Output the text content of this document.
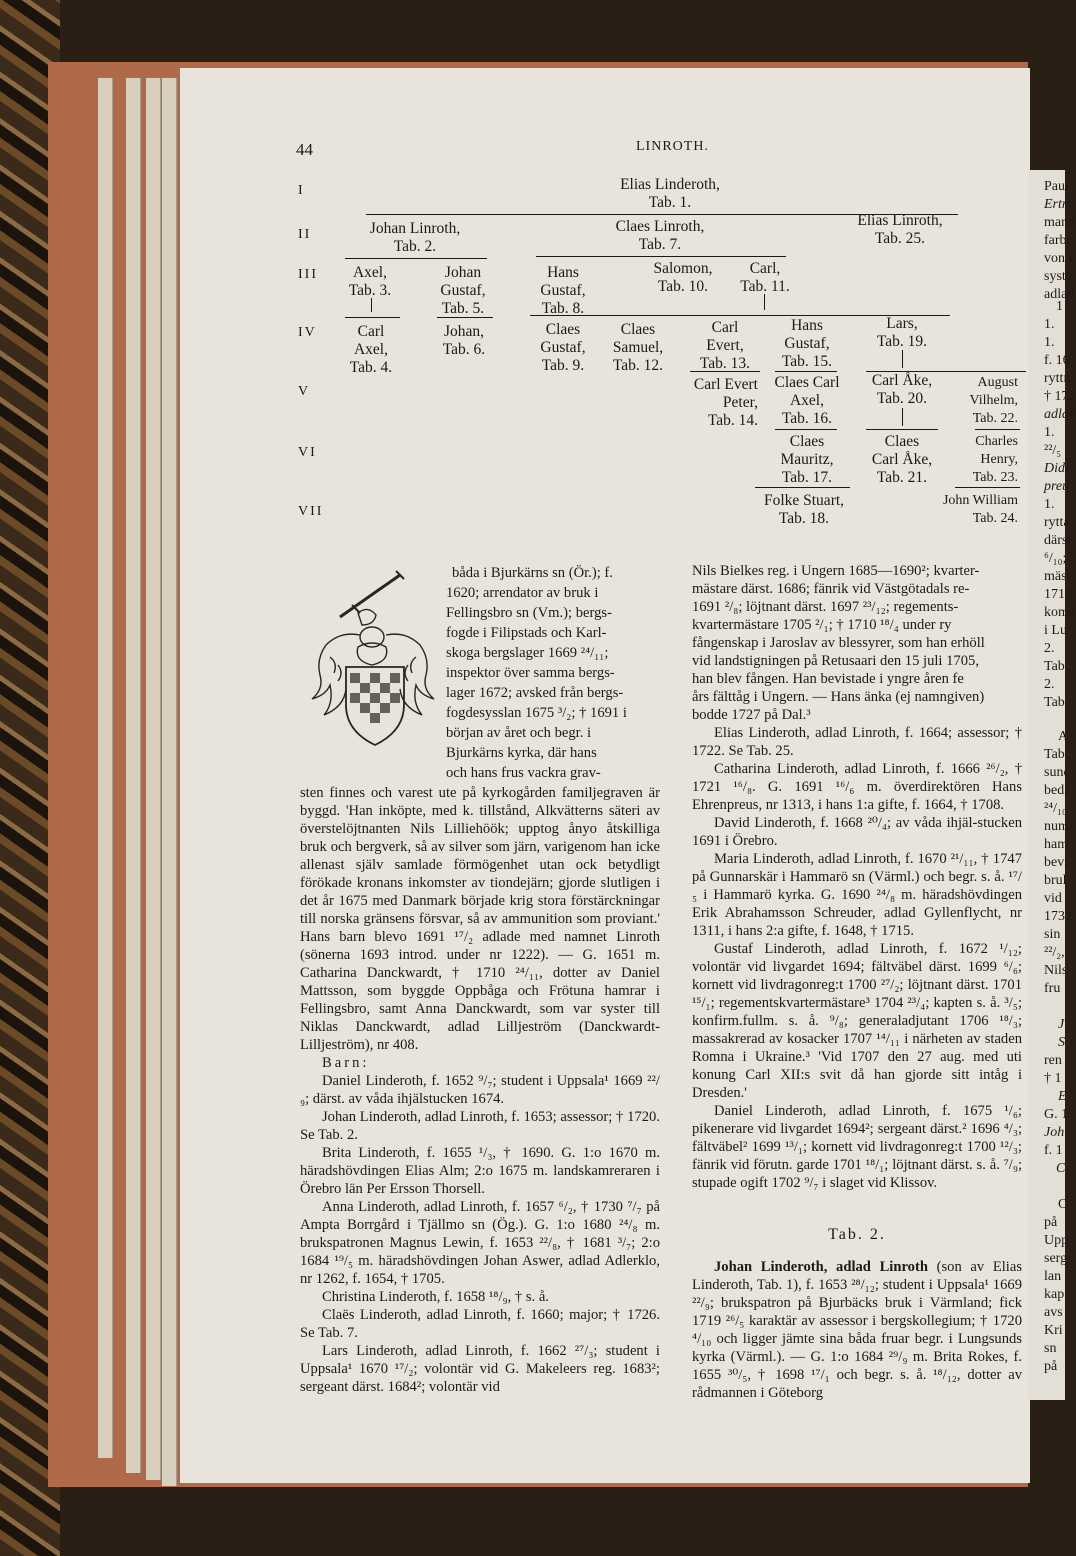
44	LINROTH.
I
II
III
IV
V
VI
VII
Elias Linderoth,
Tab. 1.
Johan Linroth,
Tab. 2.
Claes Linroth,
Tab. 7.
Elias Linroth,
Tab. 25.
Axel,
Tab. 3.
Johan
Gustaf,
Tab. 5.
Hans
Gustaf,
Tab. 8.
Salomon,
Tab. 10.
Carl,
Tab. 11.
Carl
Axel,
Tab. 4.
Johan,
Tab. 6.
Claes
Gustaf,
Tab. 9.
Claes
Samuel,
Tab. 12.
Carl
Evert,
Tab. 13.
Hans
Gustaf,
Tab. 15.
Lars,
Tab. 19.
Carl Evert
Peter,
Tab. 14.
Claes Carl
Axel,
Tab. 16.
Carl Åke,
Tab. 20.
August
Vilhelm,
Tab. 22.
Claes
Mauritz,
Tab. 17.
Claes
Carl Åke,
Tab. 21.
Charles
Henry,
Tab. 23.
Folke Stuart,
Tab. 18.
John William
Tab. 24.
båda i Bjurkärns sn (Ör.); f.
1620; arrendator av bruk i
Fellingsbro sn (Vm.); bergs-
fogde i Filipstads och Karl-
skoga bergslager 1669 ²⁴/₁₁;
inspektor över samma bergs-
lager 1672; avsked från bergs-
fogdesysslan 1675 ³/₂; † 1691 i
början av året och begr. i
Bjurkärns kyrka, där hans
och hans frus vackra grav-

sten finnes och varest ute på kyrkogården familjegraven är byggd. 'Han inköpte, med k. tillstånd, Alkvätterns säteri av överstelöjtnanten Nils Lilliehöök; upptog ånyo åtskilliga bruk och bergverk, så av silver som järn, varigenom han icke allenast själv samlade förmögenhet utan ock betydligt förökade kronans inkomster av tiondejärn; gjorde slutligen i det år 1675 med Danmark började krig stora förstärckningar till norska gränsens försvar, så av ammunition som proviant.' Hans barn blevo 1691 ¹⁷/₂ adlade med namnet Linroth (sönerna 1693 introd. under nr 1222). — G. 1651 m. Catharina Danckwardt, † 1710 ²⁴/₁₁, dotter av Daniel Mattsson, som byggde Oppbåga och Frötuna hamrar i Fellingsbro, samt Anna Danckwardt, som var syster till Niklas Danckwardt, adlad Lilljeström (Danckwardt-Lilljeström), nr 408.

Barn:

Daniel Linderoth, f. 1652 ⁹/₇; student i Uppsala¹ 1669 ²²/₉; därst. av våda ihjälstucken 1674.

Johan Linderoth, adlad Linroth, f. 1653; assessor; † 1720. Se Tab. 2.

Brita Linderoth, f. 1655 ¹/₃, † 1690. G. 1:o 1670 m. häradshövdingen Elias Alm; 2:o 1675 m. landskamreraren i Örebro län Per Ersson Thorsell.

Anna Linderoth, adlad Linroth, f. 1657 ⁶/₂, † 1730 ⁷/₇ på Ampta Borrgård i Tjällmo sn (Ög.). G. 1:o 1680 ²⁴/₈ m. brukspatronen Magnus Lewin, f. 1653 ²²/₈, † 1681 ³/₇; 2:o 1684 ¹⁹/₅ m. häradshövdingen Johan Aswer, adlad Adlerklo, nr 1262, f. 1654, † 1705.

Christina Linderoth, f. 1658 ¹⁸/₉, † s. å.

Claës Linderoth, adlad Linroth, f. 1660; major; † 1726. Se Tab. 7.

Lars Linderoth, adlad Linroth, f. 1662 ²⁷/₃; student i Uppsala¹ 1670 ¹⁷/₂; volontär vid G. Makeleers reg. 1683²; sergeant därst. 1684²; volontär vid

Nils Bielkes reg. i Ungern 1685—1690²; kvarter-

mästare därst. 1686; fänrik vid Västgötadals re-

1691 ²/₈; löjtnant därst. 1697 ²³/₁₂; regements-

kvartermästare 1705 ²/₁; † 1710 ¹⁸/₄ under ry

fångenskap i Jaroslav av blessyrer, som han erhöll

vid landstigningen på Retusaari den 15 juli 1705,

han blev fången. Han bevistade i yngre åren fe

års fälttåg i Ungern. — Hans änka (ej namngiven)

bodde 1727 på Dal.³

Elias Linderoth, adlad Linroth, f. 1664; assessor; † 1722. Se Tab. 25.

Catharina Linderoth, adlad Linroth, f. 1666 ²⁶/₂, † 1721 ¹⁶/₈. G. 1691 ¹⁶/₆ m. överdirektören Hans Ehrenpreus, nr 1313, i hans 1:a gifte, f. 1664, † 1708.

David Linderoth, f. 1668 ²⁰/₄; av våda ihjäl-stucken 1691 i Örebro.

Maria Linderoth, adlad Linroth, f. 1670 ²¹/₁₁, † 1747 på Gunnarskär i Hammarö sn (Värml.) och begr. s. å. ¹⁷/₅ i Hammarö kyrka. G. 1690 ²⁴/₈ m. häradshövdingen Erik Abrahamsson Schreuder, adlad Gyllenflycht, nr 1311, i hans 2:a gifte, f. 1648, † 1715.

Gustaf Linderoth, adlad Linroth, f. 1672 ¹/₁₂; volontär vid livgardet 1694; fältväbel därst. 1699 ⁶/₆; kornett vid livdragonreg:t 1700 ²⁷/₂; löjtnant därst. 1701 ¹⁵/₁; regementskvartermästare³ 1704 ²³/₄; kapten s. å. ³/₅; konfirm.fullm. s. å. ⁹/₈; generaladjutant 1706 ¹⁸/₃; massakrerad av kosacker 1707 ¹⁴/₁₁ i närheten av staden Romna i Ukraine.³ 'Vid 1707 den 27 aug. med uti konung Carl XII:s svit då han gjorde sitt intåg i Dresden.'

Daniel Linderoth, adlad Linroth, f. 1675 ¹/₆; pikenerare vid livgardet 1694²; sergeant därst.² 1696 ⁴/₃; fältväbel² 1699 ¹³/₁; kornett vid livdragonreg:t 1700 ¹²/₃; fänrik vid förutn. garde 1701 ¹⁸/₁; löjtnant därst. s. å. ⁷/₉; stupade ogift 1702 ⁹/₇ i slaget vid Klissov.

Tab. 2.

Johan Linderoth, adlad Linroth (son av Elias Linderoth, Tab. 1), f. 1653 ²⁸/₁₂; student i Uppsala¹ 1669 ²²/₉; brukspatron på Bjurbäcks bruk i Värmland; fick 1719 ²⁶/₅ karaktär av assessor i bergskollegium; † 1720 ⁴/₁₀ och ligger jämte sina båda fruar begr. i Lungsunds kyrka (Värml.). — G. 1:o 1684 ²⁹/₉ m. Brita Rokes, f. 1655 ³⁰/₅, † 1698 ¹⁷/₁ och begr. s. å. ¹⁸/₁₂, dotter av rådmannen i Göteborg

Paul
Ertm
mann
farbr
von I
syste
adlad
1
1.
1.
f. 16
ryttn
† 172
adlad
1.
²²/₅
Didr
preu
1.
rytta
därst
⁶/₁₀;
mäst
1719
koms
i Lu
2.
Tab.
2.
Tab.
A
Tab.
sunc
bedi
²⁴/₁₀
num
ham
bevi
brul
vid
1732
sin
²²/₂,
Nils
fru
J
S
ren
† 1
E
G. 1
Joh
f. 1
C
C
på
Upp
serg
lan
kap
avs
Kri
sn
på
